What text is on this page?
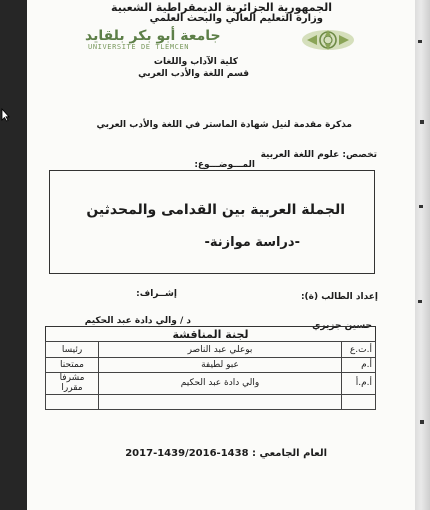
الجمهورية الجزائرية الديمقراطية الشعبية
وزارة التعليم العالي والبحث العلمي
جامعة أبو بكر بلقايد
UNIVERSITÉ DE TLEMCEN
كلية الآداب واللغات
قسم اللغة والأدب العربي
مذكرة مقدمة لنيل شهادة الماستر في اللغة والأدب العربي
تخصص: علوم اللغة العربية
المـــوضـــوع:
الجملة العربية بين القدامى والمحدثين
-دراسة موازنة-
إعداد الطالب (ة):
إشــراف:
حسين جزيري
د / والي دادة عبد الحكيم
لجنة المناقشة		
أ.ت.ع	بوعلي عبد الناصر	رئيسا
أ.م	عبو لطيفة	ممتحنا
أ.م.أ	والي دادة عبد الحكيم	مشرفا مقررا

العام الجامعي : 1438-1439/2016-2017
